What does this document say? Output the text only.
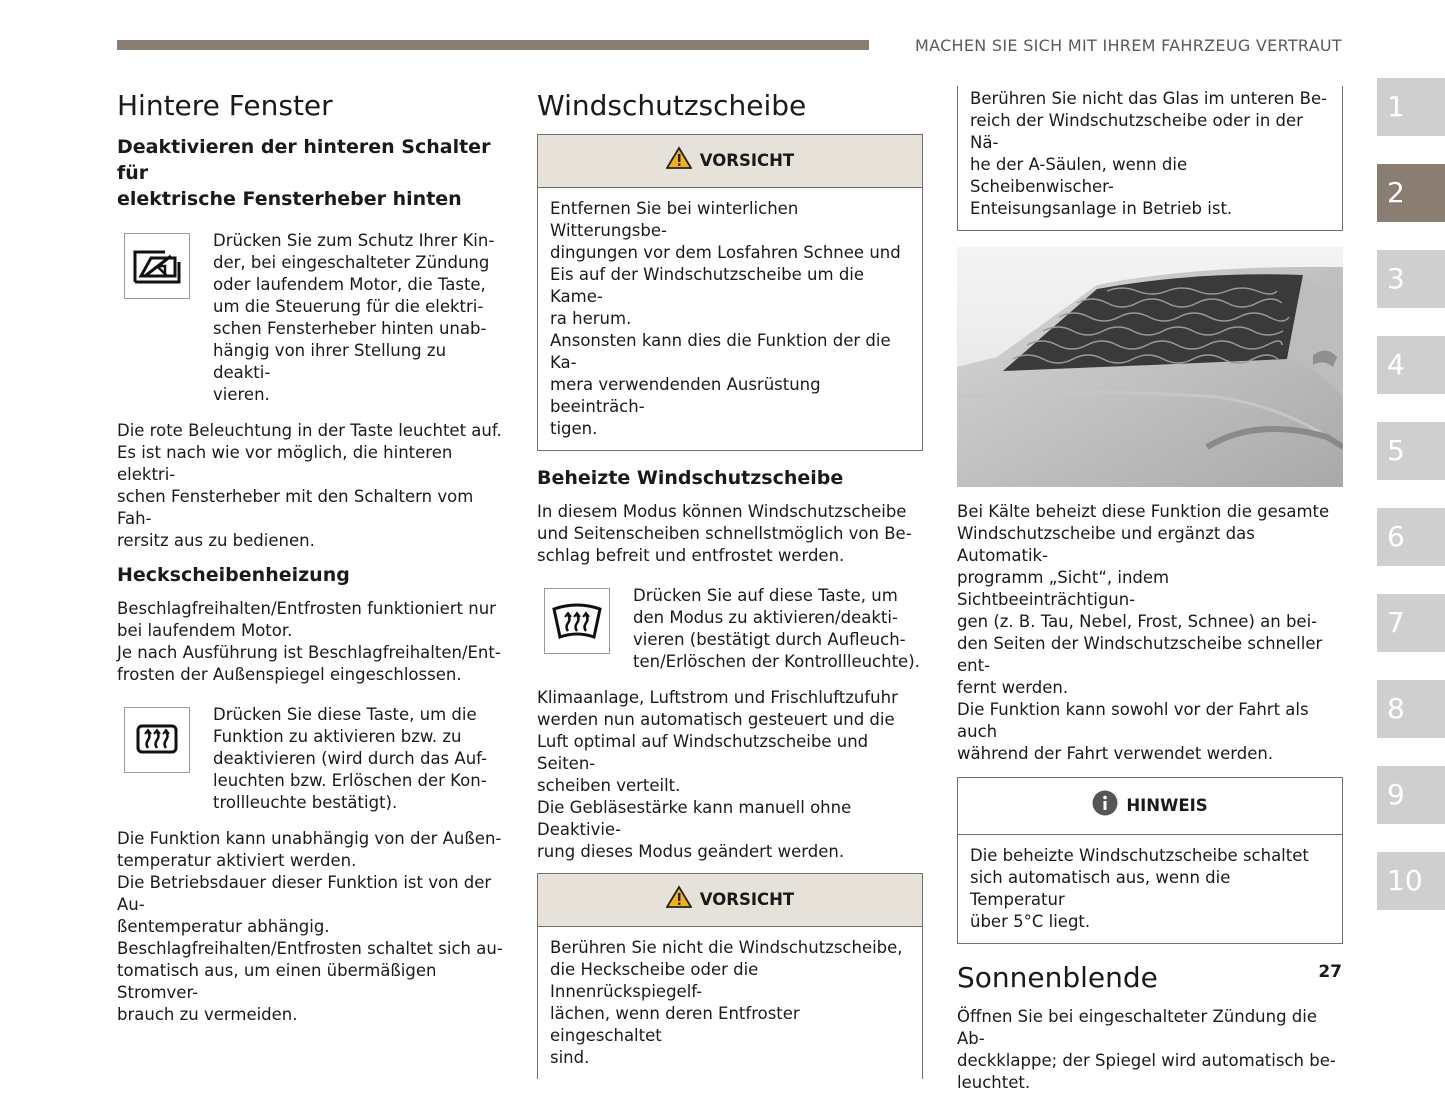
MACHEN SIE SICH MIT IHREM FAHRZEUG VERTRAUT
Hintere Fenster
Deaktivieren der hinteren Schalter für
elektrische Fensterheber hinten

Drücken Sie zum Schutz Ihrer Kin-
der, bei eingeschalteter Zündung
oder laufendem Motor, die Taste,
um die Steuerung für die elektri-
schen Fensterheber hinten unab-
hängig von ihrer Stellung zu deakti-
vieren.

Die rote Beleuchtung in der Taste leuchtet auf.
Es ist nach wie vor möglich, die hinteren elektri-
schen Fensterheber mit den Schaltern vom Fah-
rersitz aus zu bedienen.

Heckscheibenheizung

Beschlagfreihalten/Entfrosten funktioniert nur
bei laufendem Motor.
Je nach Ausführung ist Beschlagfreihalten/Ent-
frosten der Außenspiegel eingeschlossen.

Drücken Sie diese Taste, um die
Funktion zu aktivieren bzw. zu
deaktivieren (wird durch das Auf-
leuchten bzw. Erlöschen der Kon-
trollleuchte bestätigt).

Die Funktion kann unabhängig von der Außen-
temperatur aktiviert werden.
Die Betriebsdauer dieser Funktion ist von der Au-
ßentemperatur abhängig.
Beschlagfreihalten/Entfrosten schaltet sich au-
tomatisch aus, um einen übermäßigen Stromver-
brauch zu vermeiden.

Windschutzscheibe
VORSICHT
Entfernen Sie bei winterlichen Witterungsbe-
dingungen vor dem Losfahren Schnee und
Eis auf der Windschutzscheibe um die Kame-
ra herum.
Ansonsten kann dies die Funktion der die Ka-
mera verwendenden Ausrüstung beeinträch-
tigen.
Beheizte Windschutzscheibe

In diesem Modus können Windschutzscheibe
und Seitenscheiben schnellstmöglich von Be-
schlag befreit und entfrostet werden.

Drücken Sie auf diese Taste, um
den Modus zu aktivieren/deakti-
vieren (bestätigt durch Aufleuch-
ten/Erlöschen der Kontrollleuchte).

Klimaanlage, Luftstrom und Frischluftzufuhr
werden nun automatisch gesteuert und die
Luft optimal auf Windschutzscheibe und Seiten-
scheiben verteilt.
Die Gebläsestärke kann manuell ohne Deaktivie-
rung dieses Modus geändert werden.

VORSICHT
Berühren Sie nicht die Windschutzscheibe,
die Heckscheibe oder die Innenrückspiegelf-
lächen, wenn deren Entfroster eingeschaltet
sind.
Berühren Sie nicht das Glas im unteren Be-
reich der Windschutzscheibe oder in der Nä-
he der A-Säulen, wenn die Scheibenwischer-
Enteisungsanlage in Betrieb ist.

Bei Kälte beheizt diese Funktion die gesamte
Windschutzscheibe und ergänzt das Automatik-
programm „Sicht“, indem Sichtbeeinträchtigun-
gen (z. B. Tau, Nebel, Frost, Schnee) an bei-
den Seiten der Windschutzscheibe schneller ent-
fernt werden.
Die Funktion kann sowohl vor der Fahrt als auch
während der Fahrt verwendet werden.

HINWEIS
Die beheizte Windschutzscheibe schaltet
sich automatisch aus, wenn die Temperatur
über 5°C liegt.
Sonnenblende

Öffnen Sie bei eingeschalteter Zündung die Ab-
deckklappe; der Spiegel wird automatisch be-
leuchtet.

1
2
3
4
5
6
7
8
9
10
27
